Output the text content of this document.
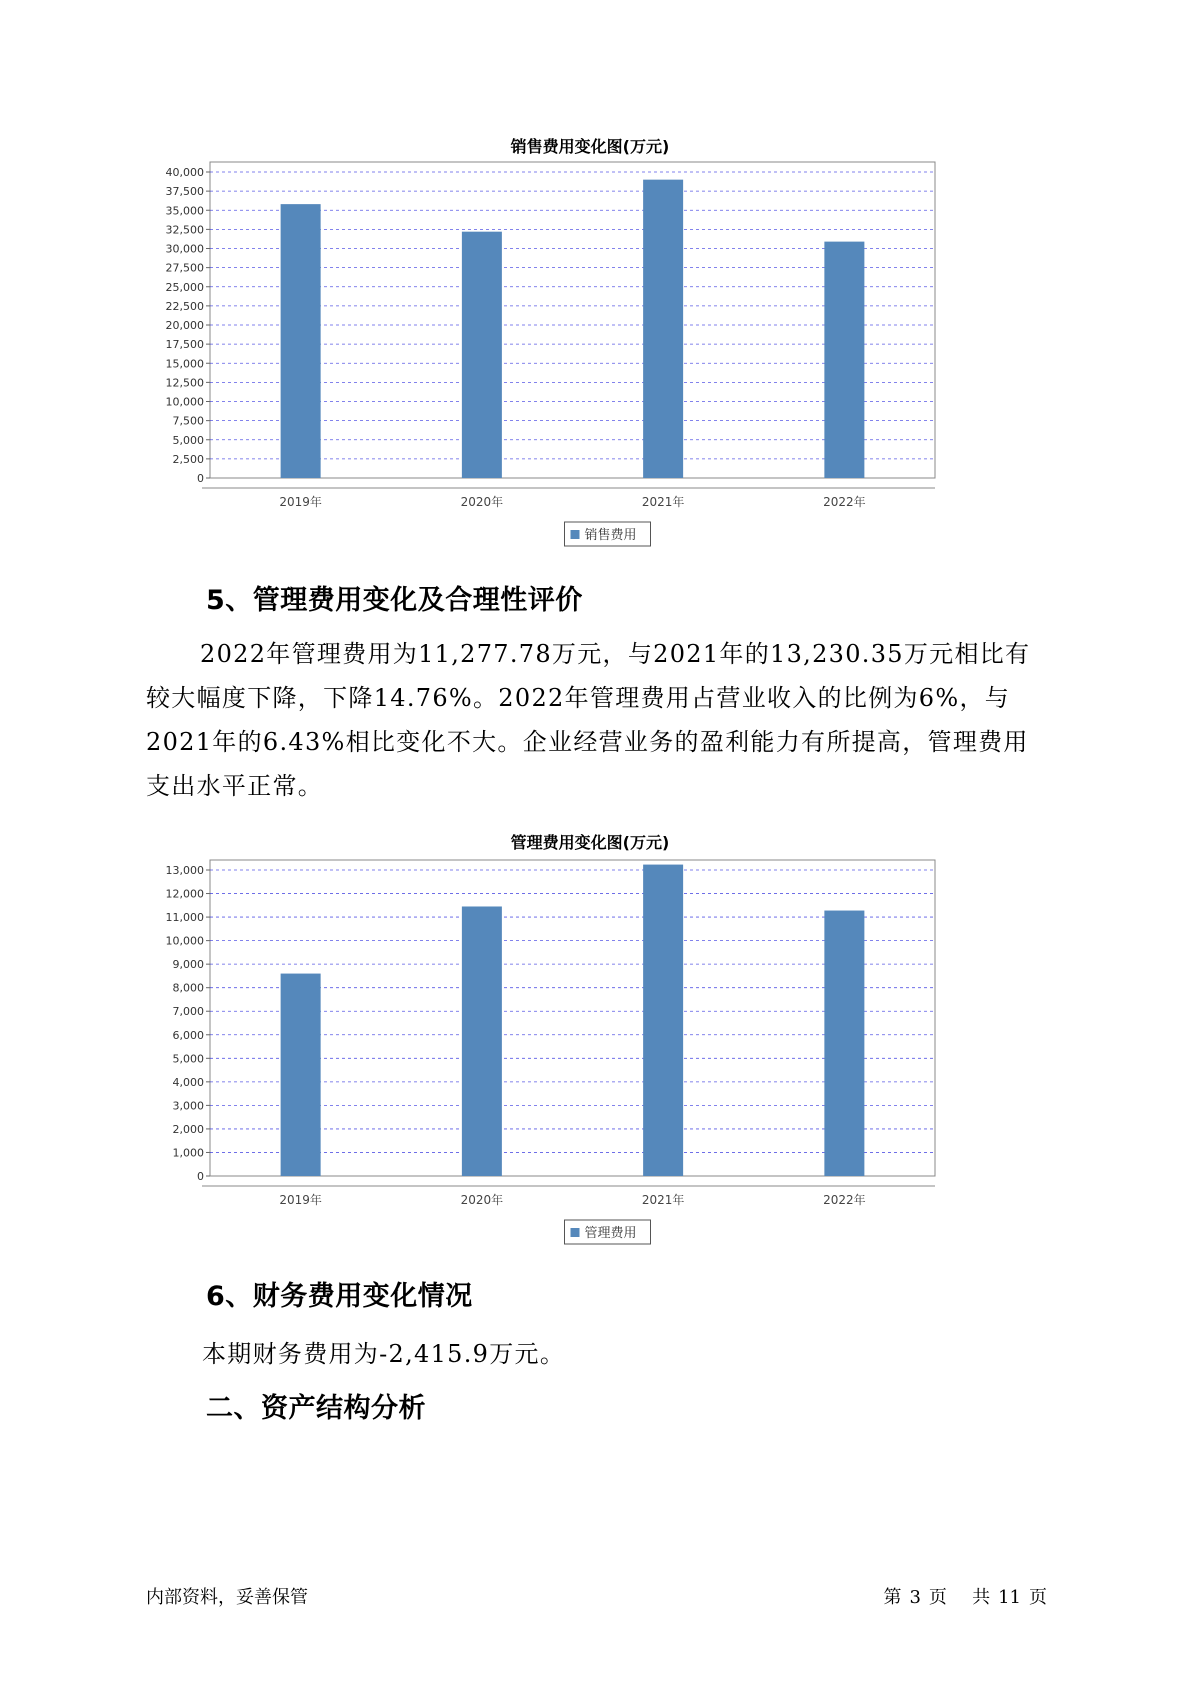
销售费用变化图(万元)
0
2,500
5,000
7,500
10,000
12,500
15,000
17,500
20,000
22,500
25,000
27,500
30,000
32,500
35,000
37,500
40,000
2019年	2020年	2021年	2022年
销售费用
5、管理费用变化及合理性评价

2022年管理费用为11,277.78万元，与2021年的13,230.35万元相比有较大幅度下降，下降14.76%。2022年管理费用占营业收入的比例为6%，与2021年的6.43%相比变化不大。企业经营业务的盈利能力有所提高，管理费用支出水平正常。

管理费用变化图(万元)
0
1,000
2,000
3,000
4,000
5,000
6,000
7,000
8,000
9,000
10,000
11,000
12,000
13,000
2019年	2020年	2021年	2022年
管理费用
6、财务费用变化情况
本期财务费用为-2,415.9万元。
二、资产结构分析
内部资料，妥善保管	第 3 页 共 11 页
